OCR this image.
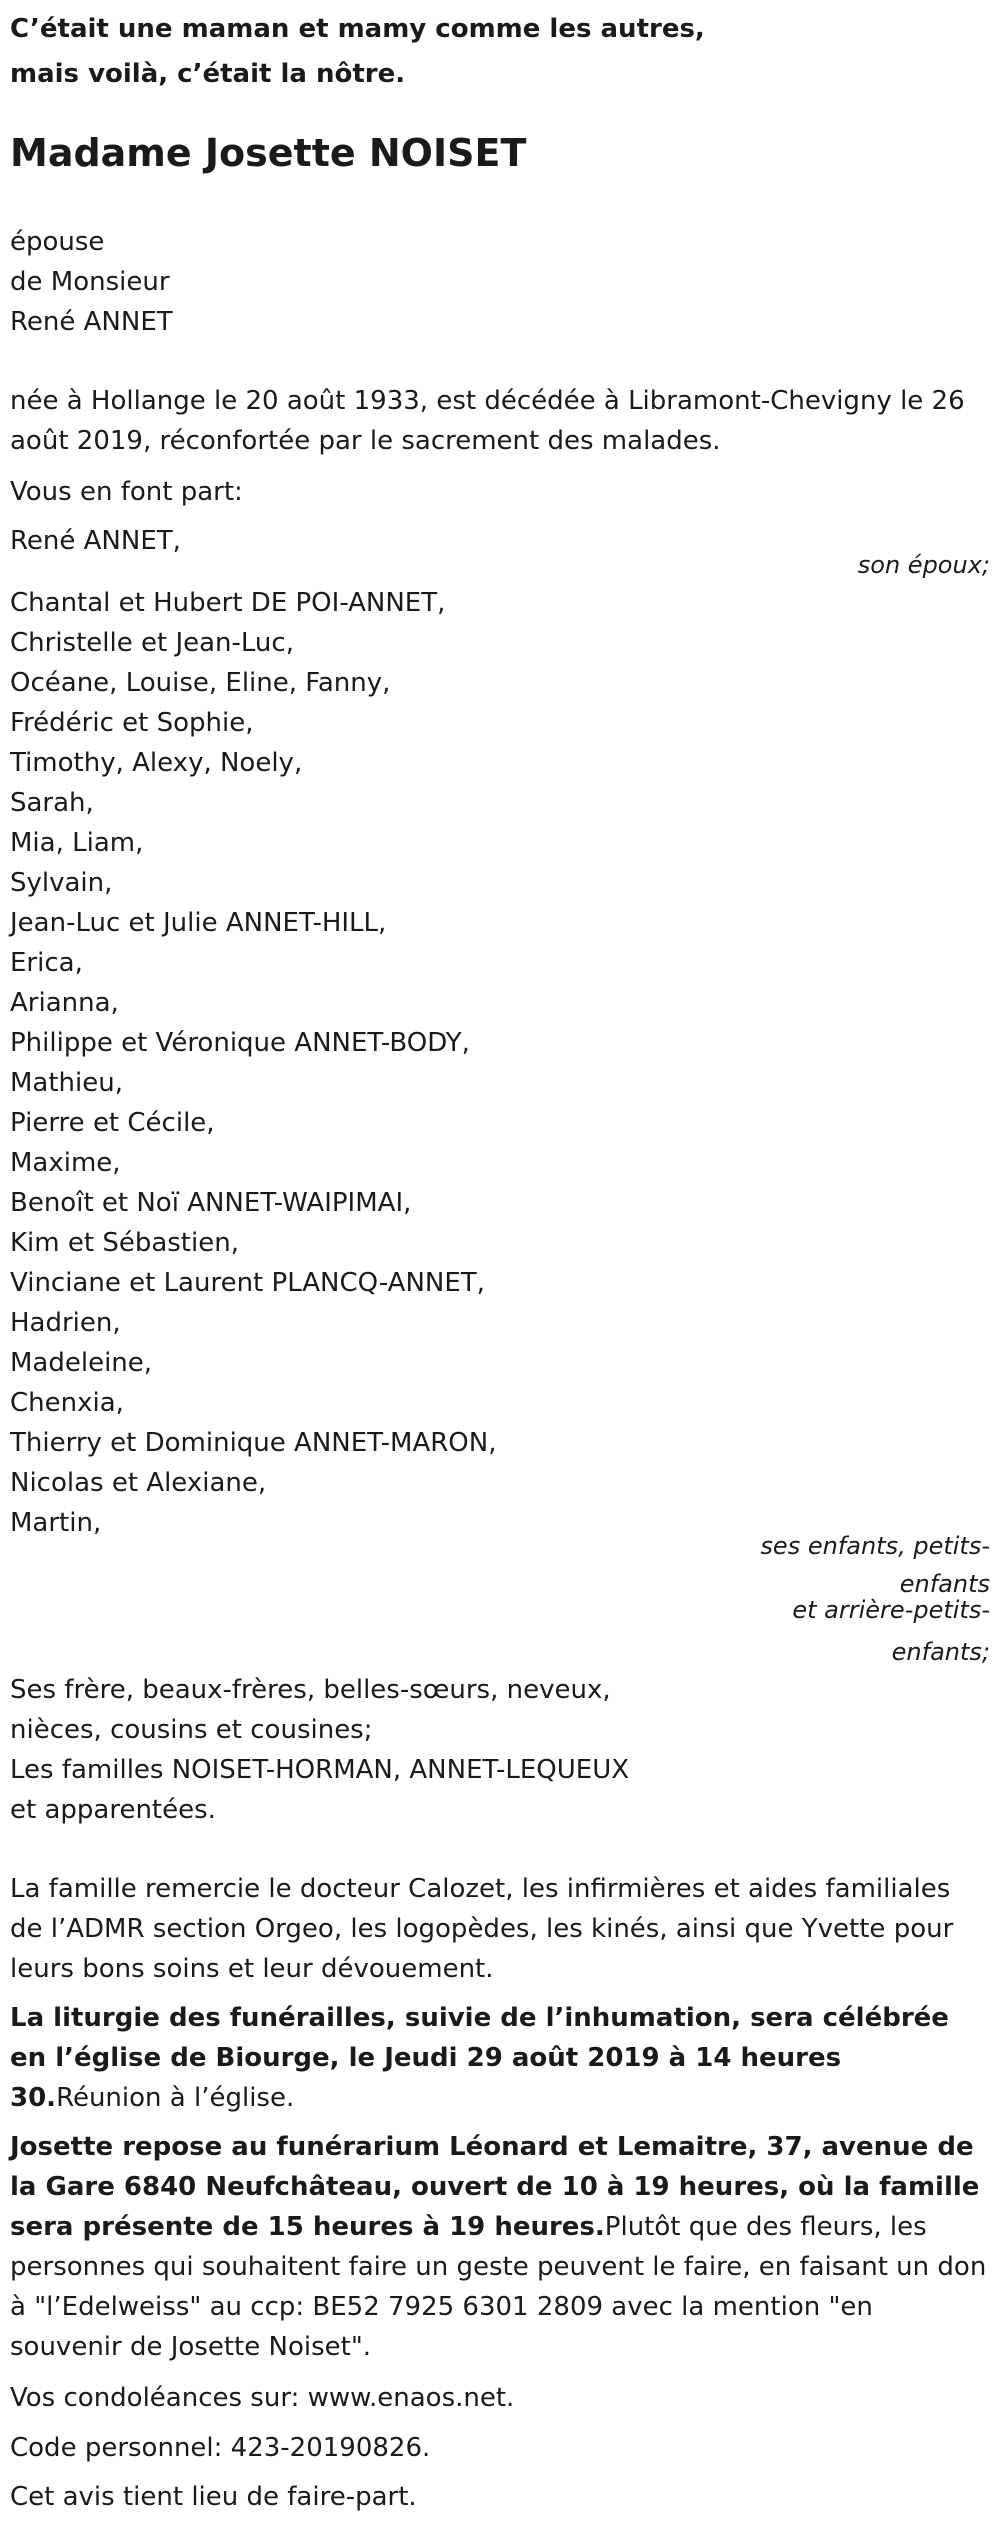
C’était une maman et mamy comme les autres,
mais voilà, c’était la nôtre.
Madame Josette NOISET
épouse
de Monsieur
René ANNET
née à Hollange le 20 août 1933, est décédée à Libramont-Chevigny le 26
août 2019, réconfortée par le sacrement des malades.
Vous en font part:
René ANNET,
son époux;
Chantal et Hubert DE POI-ANNET,
Christelle et Jean-Luc,
Océane, Louise, Eline, Fanny,
Frédéric et Sophie,
Timothy, Alexy, Noely,
Sarah,
Mia, Liam,
Sylvain,
Jean-Luc et Julie ANNET-HILL,
Erica,
Arianna,
Philippe et Véronique ANNET-BODY,
Mathieu,
Pierre et Cécile,
Maxime,
Benoît et Noï ANNET-WAIPIMAI,
Kim et Sébastien,
Vinciane et Laurent PLANCQ-ANNET,
Hadrien,
Madeleine,
Chenxia,
Thierry et Dominique ANNET-MARON,
Nicolas et Alexiane,
Martin,
ses enfants, petits-
enfants
et arrière-petits-
enfants;
Ses frère, beaux-frères, belles-sœurs, neveux,
nièces, cousins et cousines;
Les familles NOISET-HORMAN, ANNET-LEQUEUX
et apparentées.
La famille remercie le docteur Calozet, les infirmières et aides familiales de l’ADMR section Orgeo, les logopèdes, les kinés, ainsi que Yvette pour leurs bons soins et leur dévouement.
La liturgie des funérailles, suivie de l’inhumation, sera célébrée en l’église de Biourge, le Jeudi 29 août 2019 à 14 heures 30.Réunion à l’église.
Josette repose au funérarium Léonard et Lemaitre, 37, avenue de la Gare 6840 Neufchâteau, ouvert de 10 à 19 heures, où la famille sera présente de 15 heures à 19 heures.Plutôt que des fleurs, les personnes qui souhaitent faire un geste peuvent le faire, en faisant un don à "l’Edelweiss" au ccp: BE52 7925 6301 2809 avec la mention "en souvenir de Josette Noiset".
Vos condoléances sur: www.enaos.net.
Code personnel: 423-20190826.
Cet avis tient lieu de faire-part.
